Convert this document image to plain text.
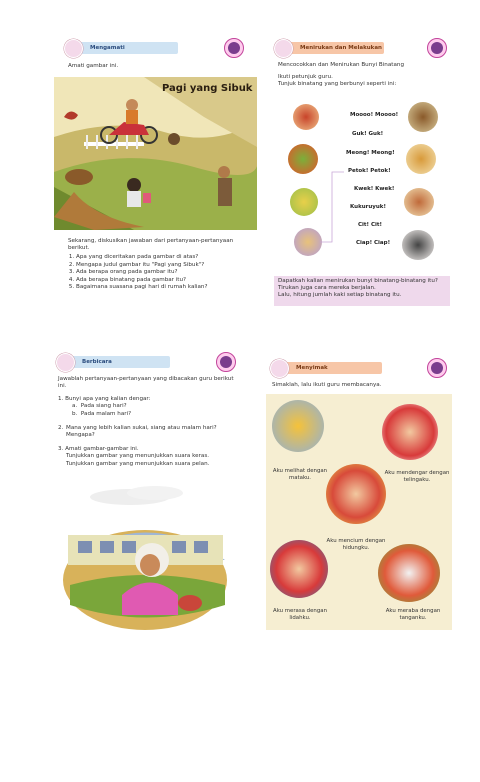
Mengamati
Amati gambar ini.
Pagi yang Sibuk
Sekarang, diskusikan jawaban dari pertanyaan-pertanyaan berikut.
1. Apa yang diceritakan pada gambar di atas?
2. Mengapa judul gambar itu "Pagi yang Sibuk"?
3. Ada berapa orang pada gambar itu?
4. Ada berapa binatang pada gambar itu?
5. Bagaimana suasana pagi hari di rumah kalian?
Menirukan dan Melakukan
Mencocokkan dan Menirukan Bunyi Binatang
Ikuti petunjuk guru.
Tunjuk binatang yang berbunyi seperti ini:
Moooo! Moooo!
Guk! Guk!
Meong! Meong!
Petok! Petok!
Kwek! Kwek!
Kukuruyuk!
Cit! Cit!
Ciap! Ciap!
Dapatkah kalian menirukan bunyi binatang-binatang itu?
Tirukan juga cara mereka berjalan.
Lalu, hitung jumlah kaki setiap binatang itu.
Berbicara
Jawablah pertanyaan-pertanyaan yang dibacakan guru berikut ini.

1. Bunyi apa yang kalian dengar:

a.  Pada siang hari?

b.  Pada malam hari?

2. Mana yang lebih kalian sukai, siang atau malam hari? Mengapa?

3. Amati gambar-gambar ini.

Tunjukkan gambar yang menunjukkan suara keras.

Tunjukkan gambar yang menunjukkan suara pelan.

Menyimak
Simaklah, lalu ikuti guru membacanya.
Aku melihat dengan mataku.
Aku mendengar dengan telingaku.
Aku mencium dengan hidungku.
Aku merasa dengan lidahku.
Aku meraba dengan tanganku.
